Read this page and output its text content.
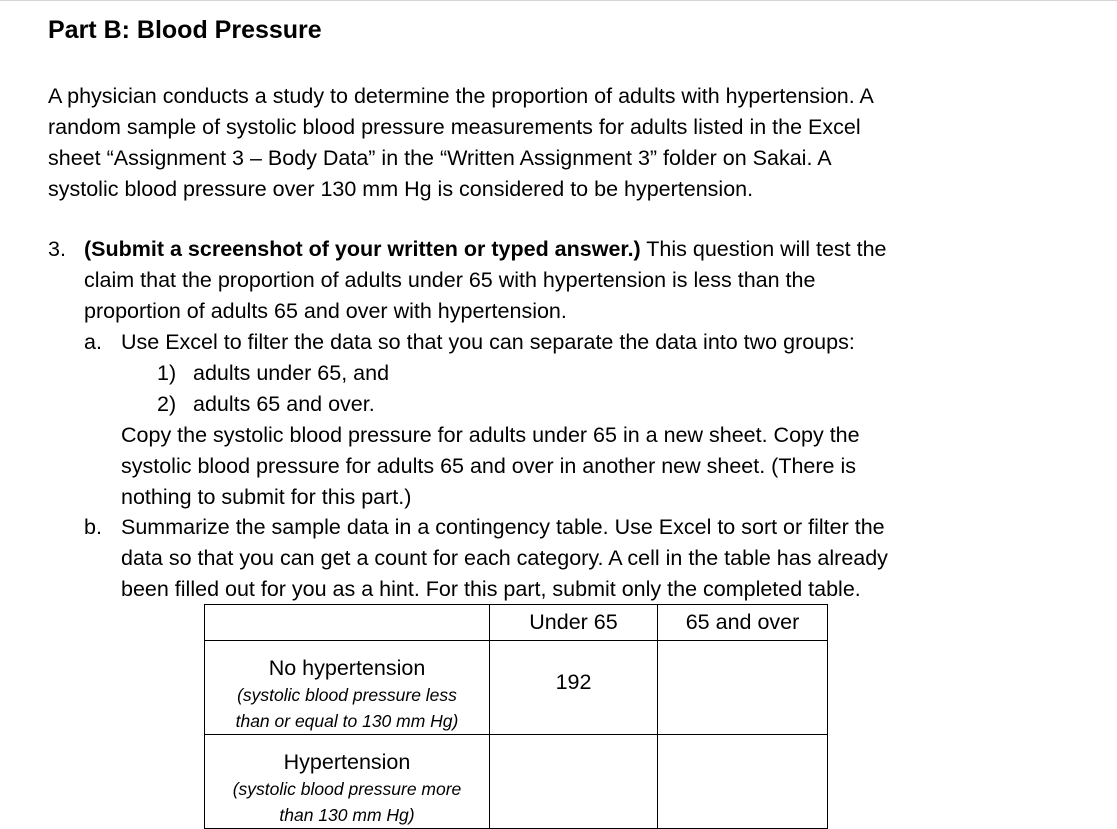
Part B: Blood Pressure
A physician conducts a study to determine the proportion of adults with hypertension. A
random sample of systolic blood pressure measurements for adults listed in the Excel
sheet “Assignment 3 – Body Data” in the “Written Assignment 3” folder on Sakai. A
systolic blood pressure over 130 mm Hg is considered to be hypertension.
3. (Submit a screenshot of your written or typed answer.) This question will test the
claim that the proportion of adults under 65 with hypertension is less than the
proportion of adults 65 and over with hypertension.
a. Use Excel to filter the data so that you can separate the data into two groups:
1) adults under 65, and
2) adults 65 and over.
Copy the systolic blood pressure for adults under 65 in a new sheet. Copy the
systolic blood pressure for adults 65 and over in another new sheet. (There is
nothing to submit for this part.)
b. Summarize the sample data in a contingency table. Use Excel to sort or filter the
data so that you can get a count for each category. A cell in the table has already
been filled out for you as a hint. For this part, submit only the completed table.
	Under 65	65 and over

No hypertension
(systolic blood pressure less
than or equal to 130 mm Hg)	192	

Hypertension
(systolic blood pressure more
than 130 mm Hg)		
